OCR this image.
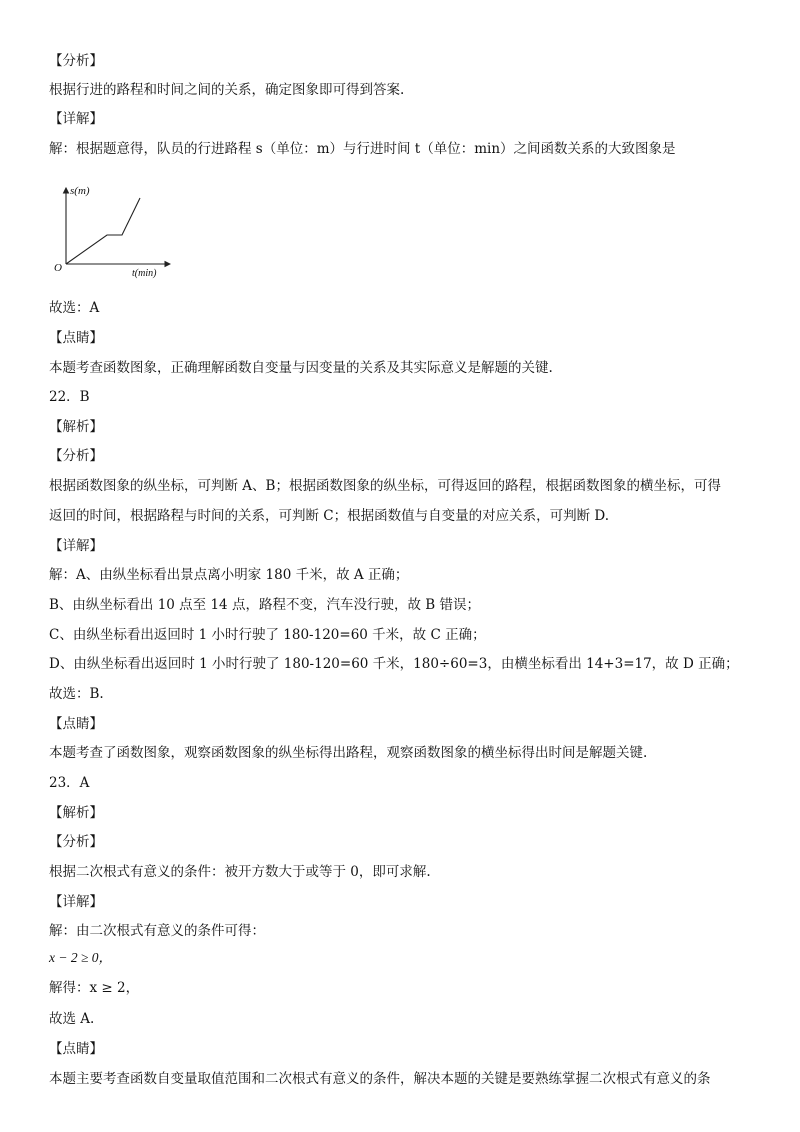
【分析】
根据行进的路程和时间之间的关系，确定图象即可得到答案.
【详解】
解：根据题意得，队员的行进路程 s（单位：m）与行进时间 t（单位：min）之间函数关系的大致图象是
s(m)
O	t(min)
故选：A
【点睛】
本题考查函数图象，正确理解函数自变量与因变量的关系及其实际意义是解题的关键.
22．B
【解析】
【分析】
根据函数图象的纵坐标，可判断 A、B；根据函数图象的纵坐标，可得返回的路程，根据函数图象的横坐标，可得
返回的时间，根据路程与时间的关系，可判断 C；根据函数值与自变量的对应关系，可判断 D.
【详解】
解：A、由纵坐标看出景点离小明家 180 千米，故 A 正确；
B、由纵坐标看出 10 点至 14 点，路程不变，汽车没行驶，故 B 错误；
C、由纵坐标看出返回时 1 小时行驶了 180-120=60 千米，故 C 正确；
D、由纵坐标看出返回时 1 小时行驶了 180-120=60 千米，180÷60=3，由横坐标看出 14+3=17，故 D 正确；
故选：B.
【点睛】
本题考查了函数图象，观察函数图象的纵坐标得出路程，观察函数图象的横坐标得出时间是解题关键.
23．A
【解析】
【分析】
根据二次根式有意义的条件：被开方数大于或等于 0，即可求解.
【详解】
解：由二次根式有意义的条件可得：
x − 2 ≥ 0，
解得：x ≥ 2，
故选 A.
【点睛】
本题主要考查函数自变量取值范围和二次根式有意义的条件，解决本题的关键是要熟练掌握二次根式有意义的条
